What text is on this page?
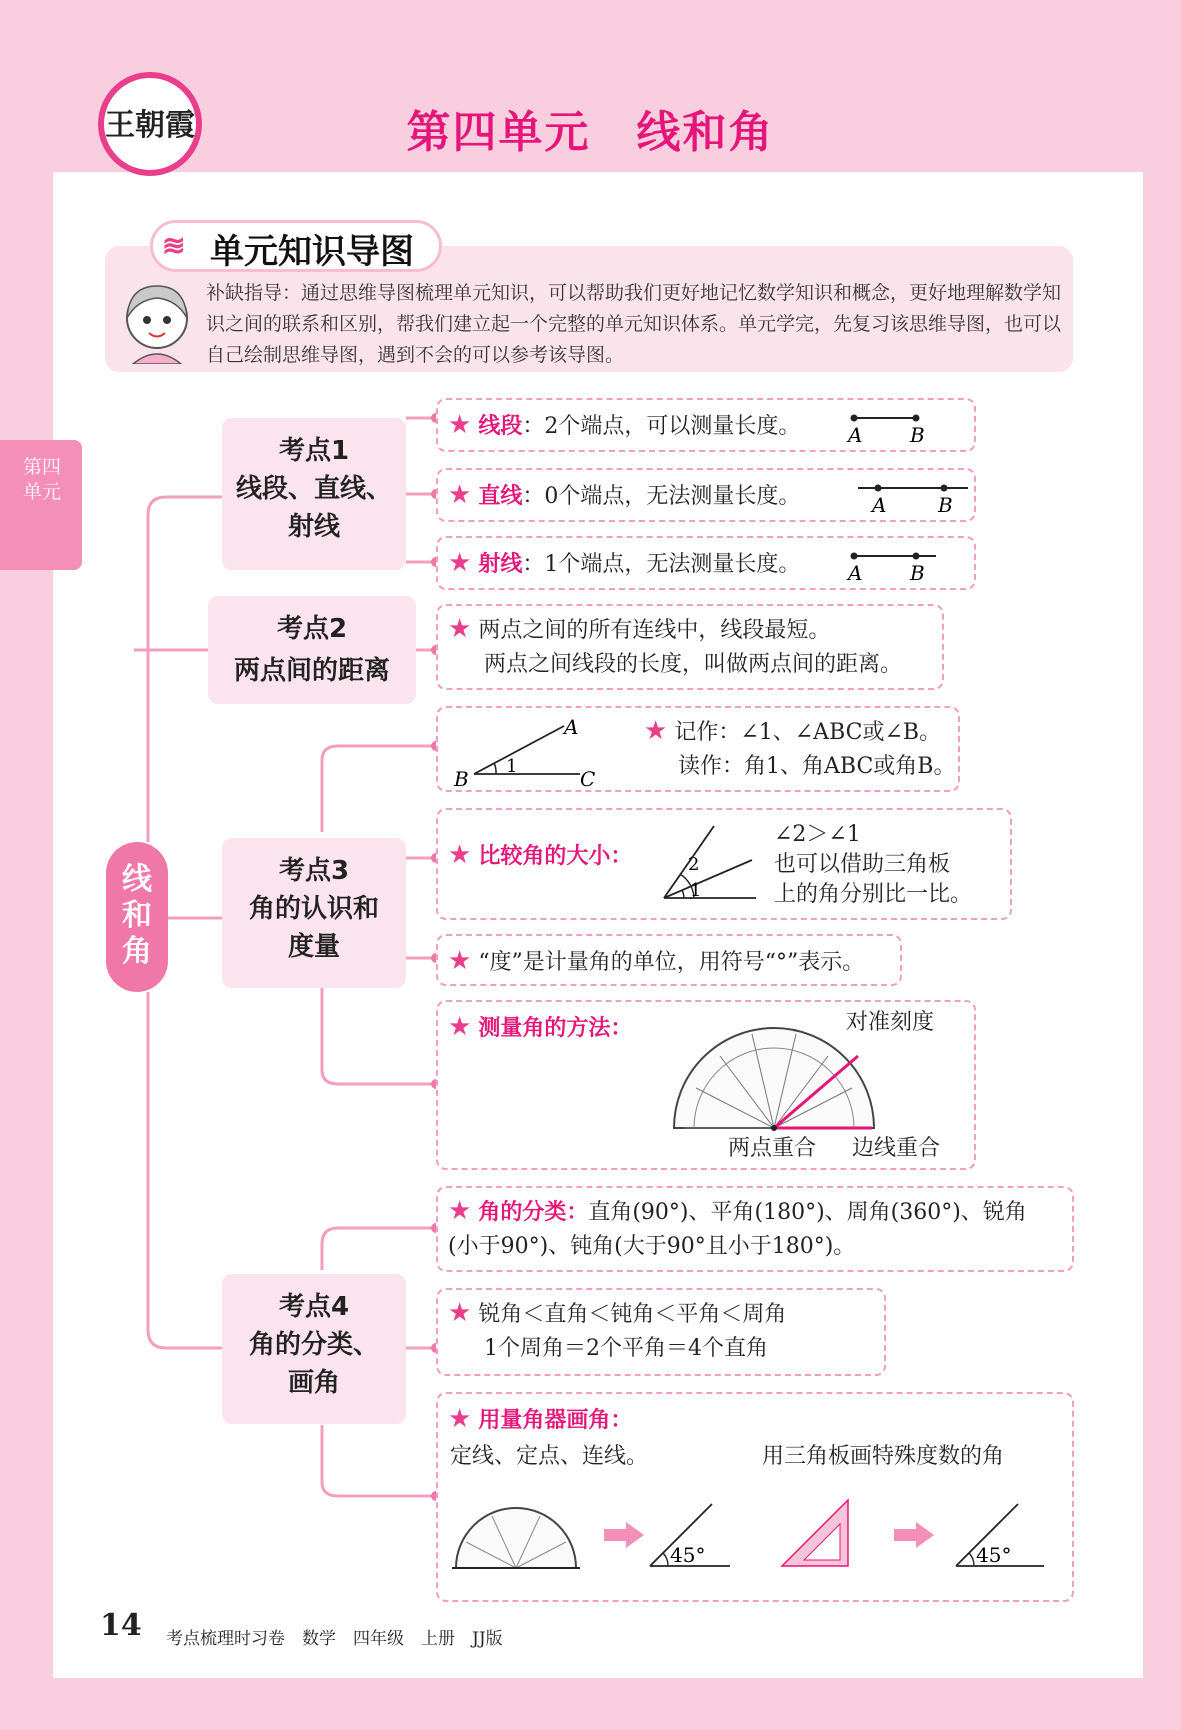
王朝霞	第四单元　线和角
第四单元
补缺指导：通过思维导图梳理单元知识，可以帮助我们更好地记忆数学知识和概念，更好地理解数学知识之间的联系和区别，帮我们建立起一个完整的单元知识体系。单元学完，先复习该思维导图，也可以自己绘制思维导图，遇到不会的可以参考该导图。
≋ 单元知识导图
线和角
考点1
线段、直线、
射线
考点2
两点间的距离
考点3
角的认识和
度量
考点4
角的分类、
画角
★ 线段：2个端点，可以测量长度。 A B
★ 直线：0个端点，无法测量长度。	A	B
★ 射线：1个端点，无法测量长度。 A B
★ 两点之间的所有连线中，线段最短。
两点之间线段的长度，叫做两点间的距离。
A
B	C
1
★ 记作：∠1、∠ABC或∠B。
读作：角1、角ABC或角B。
★ 比较角的大小：	2
1
∠2＞∠1
也可以借助三角板
上的角分别比一比。
★ “度”是计量角的单位，用符号“°”表示。
★ 测量角的方法：	对准刻度
两点重合 边线重合
★ 角的分类：直角(90°)、平角(180°)、周角(360°)、锐角
(小于90°)、钝角(大于90°且小于180°)。
★ 锐角＜直角＜钝角＜平角＜周角
1个周角＝2个平角＝4个直角
★ 用量角器画角：
定线、定点、连线。	用三角板画特殊度数的角
45°	45°
14 考点梳理时习卷　数学　四年级　上册　JJ版
